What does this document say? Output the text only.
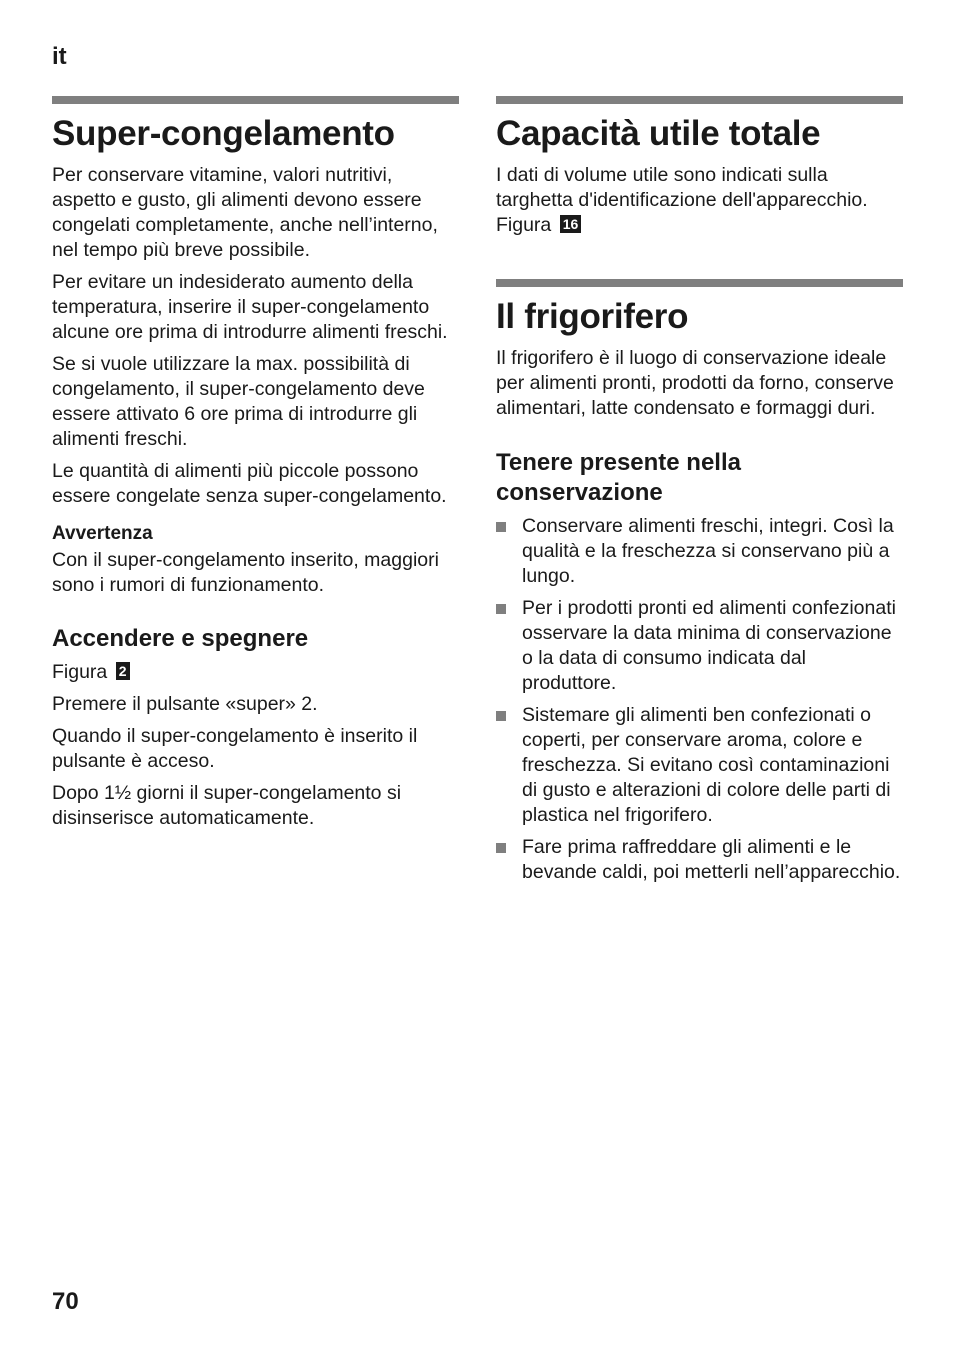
it
Super-congelamento

Per conservare vitamine, valori nutritivi, aspetto e gusto, gli alimenti devono essere congelati completamente, anche nell’interno, nel tempo più breve possibile.

Per evitare un indesiderato aumento della temperatura, inserire il super-congelamento alcune ore prima di introdurre alimenti freschi.

Se si vuole utilizzare la max. possibilità di congelamento, il super-congelamento deve essere attivato 6 ore prima di introdurre gli alimenti freschi.

Le quantità di alimenti più piccole possono essere congelate senza super-congelamento.

Avvertenza

Con il super-congelamento inserito, maggiori sono i rumori di funzionamento.

Accendere e spegnere

Figura 2

Premere il pulsante «super» 2.

Quando il super-congelamento è inserito il pulsante è acceso.

Dopo 1½ giorni il super-congelamento si disinserisce automaticamente.

Capacità utile totale

I dati di volume utile sono indicati sulla targhetta d'identificazione dell'apparecchio. Figura 16

Il frigorifero

Il frigorifero è il luogo di conservazione ideale per alimenti pronti, prodotti da forno, conserve alimentari, latte condensato e formaggi duri.

Tenere presente nella conservazione
Conservare alimenti freschi, integri. Così la qualità e la freschezza si conservano più a lungo.
Per i prodotti pronti ed alimenti confezionati osservare la data minima di conservazione o la data di consumo indicata dal produttore.
Sistemare gli alimenti ben confezionati o coperti, per conservare aroma, colore e freschezza. Si evitano così contaminazioni di gusto e alterazioni di colore delle parti di plastica nel frigorifero.
Fare prima raffreddare gli alimenti e le bevande caldi, poi metterli nell’apparecchio.
70
